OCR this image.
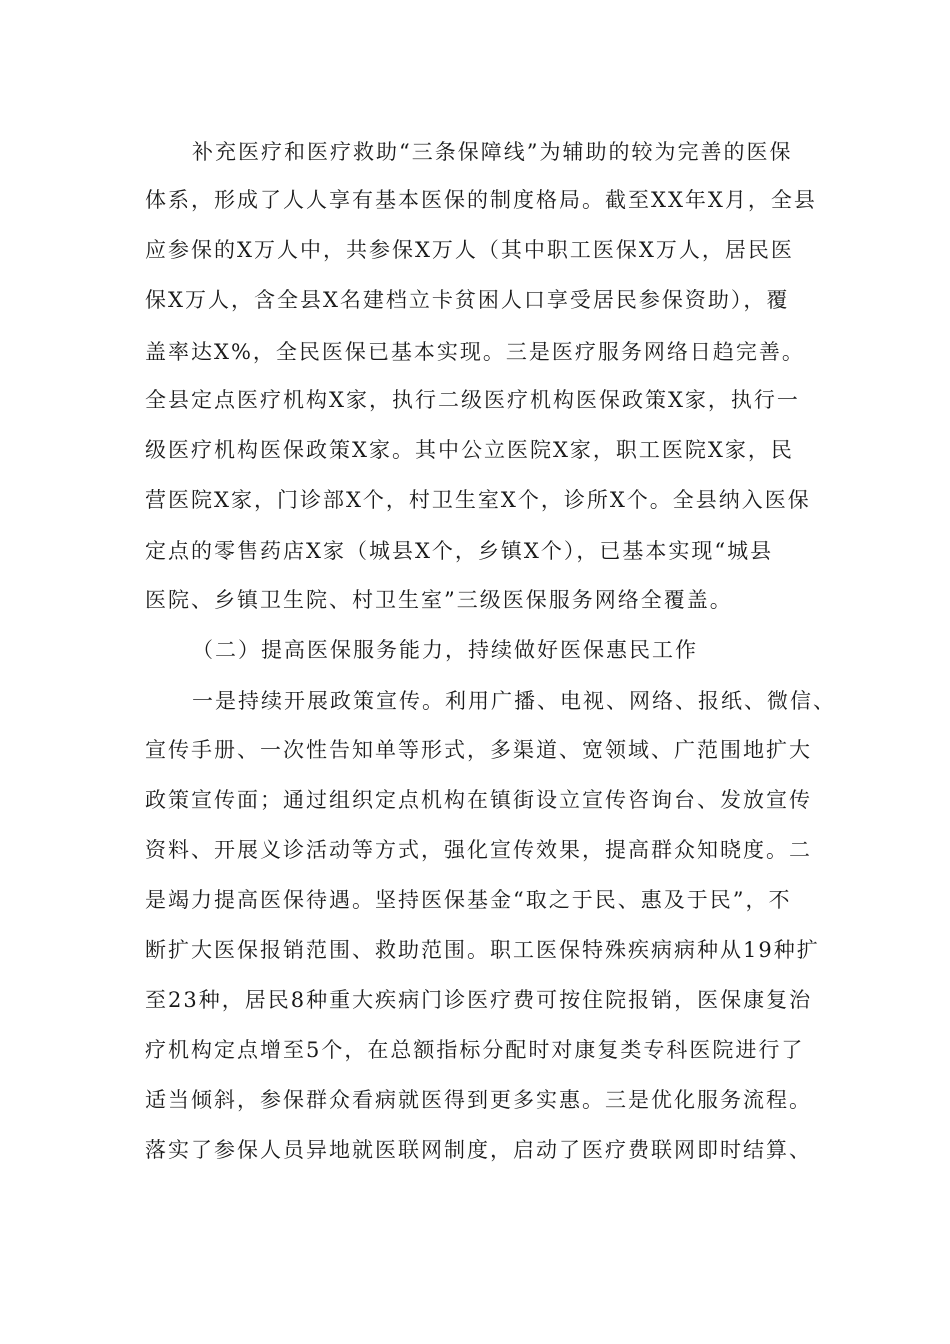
补充医疗和医疗救助“三条保障线”为辅助的较为完善的医保

体系，形成了人人享有基本医保的制度格局。截至XX年X月，全县

应参保的X万人中，共参保X万人（其中职工医保X万人，居民医

保X万人，含全县X名建档立卡贫困人口享受居民参保资助），覆

盖率达X%，全民医保已基本实现。三是医疗服务网络日趋完善。

全县定点医疗机构X家，执行二级医疗机构医保政策X家，执行一

级医疗机构医保政策X家。其中公立医院X家，职工医院X家，民

营医院X家，门诊部X个，村卫生室X个，诊所X个。全县纳入医保

定点的零售药店X家（城县X个，乡镇X个），已基本实现“城县

医院、乡镇卫生院、村卫生室”三级医保服务网络全覆盖。

（二）提高医保服务能力，持续做好医保惠民工作

一是持续开展政策宣传。利用广播、电视、网络、报纸、微信、

宣传手册、一次性告知单等形式，多渠道、宽领域、广范围地扩大

政策宣传面；通过组织定点机构在镇街设立宣传咨询台、发放宣传

资料、开展义诊活动等方式，强化宣传效果，提高群众知晓度。二

是竭力提高医保待遇。坚持医保基金“取之于民、惠及于民”，不

断扩大医保报销范围、救助范围。职工医保特殊疾病病种从19种扩

至23种，居民8种重大疾病门诊医疗费可按住院报销，医保康复治

疗机构定点增至5个，在总额指标分配时对康复类专科医院进行了

适当倾斜，参保群众看病就医得到更多实惠。三是优化服务流程。

落实了参保人员异地就医联网制度，启动了医疗费联网即时结算、
